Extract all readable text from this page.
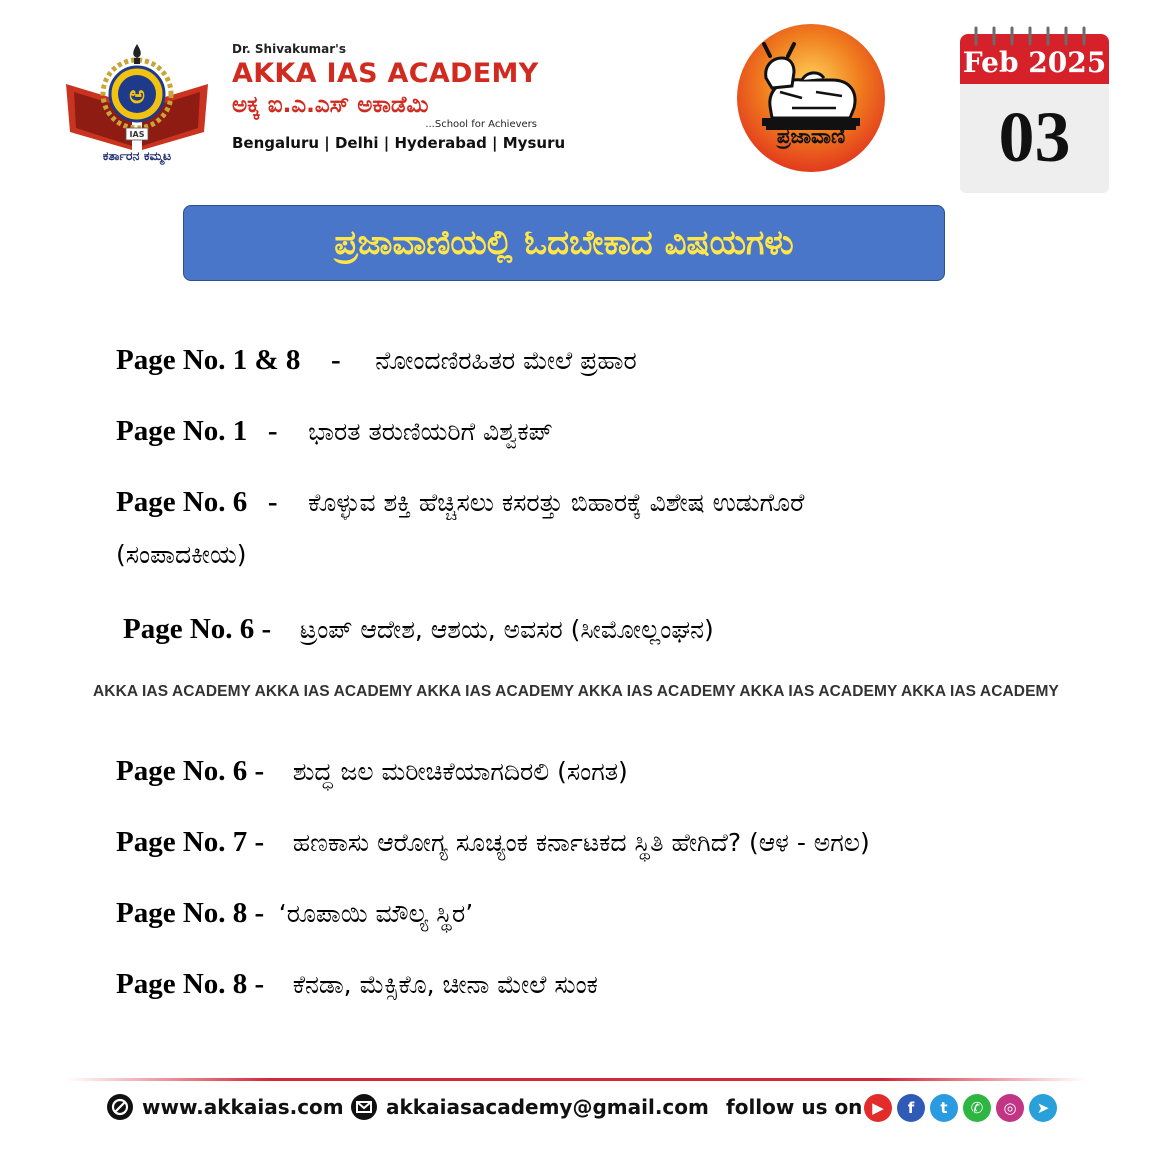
ಅ
IAS
ಕರ್ತಾರನ ಕಮ್ಮಟ
Dr. Shivakumar's
AKKA IAS ACADEMY
ಅಕ್ಕ ಐ.ಎ.ಎಸ್ ಅಕಾಡೆಮಿ
...School for Achievers
Bengaluru | Delhi | Hyderabad | Mysuru	ಪ್ರಜಾವಾಣಿ
Feb 2025
03
ಪ್ರಜಾವಾಣಿಯಲ್ಲಿ ಓದಬೇಕಾದ ವಿಷಯಗಳು
Page No. 1 & 8 - ನೋಂದಣಿರಹಿತರ ಮೇಲೆ ಪ್ರಹಾರ
Page No. 1 - ಭಾರತ ತರುಣಿಯರಿಗೆ ವಿಶ್ವಕಪ್
Page No. 6 - ಕೊಳ್ಳುವ ಶಕ್ತಿ ಹೆಚ್ಚಿಸಲು ಕಸರತ್ತು ಬಿಹಾರಕ್ಕೆ ವಿಶೇಷ ಉಡುಗೊರೆ
(ಸಂಪಾದಕೀಯ)
Page No. 6 - ಟ್ರಂಪ್ ಆದೇಶ, ಆಶಯ, ಅವಸರ (ಸೀಮೋಲ್ಲಂಘನ)
AKKA IAS ACADEMY AKKA IAS ACADEMY AKKA IAS ACADEMY AKKA IAS ACADEMY AKKA IAS ACADEMY AKKA IAS ACADEMY
Page No. 6 - ಶುದ್ಧ ಜಲ ಮರೀಚಿಕೆಯಾಗದಿರಲಿ (ಸಂಗತ)
Page No. 7 - ಹಣಕಾಸು ಆರೋಗ್ಯ ಸೂಚ್ಯಂಕ ಕರ್ನಾಟಕದ ಸ್ಥಿತಿ ಹೇಗಿದೆ? (ಆಳ - ಅಗಲ)
Page No. 8 - ‘ರೂಪಾಯಿ ಮೌಲ್ಯ ಸ್ಥಿರ’
Page No. 8 - ಕೆನಡಾ, ಮೆಕ್ಸಿಕೊ, ಚೀನಾ ಮೇಲೆ ಸುಂಕ
www.akkaias.com akkaiasacademy@gmail.com follow us on ▶	f	t	✆	◎	➤
